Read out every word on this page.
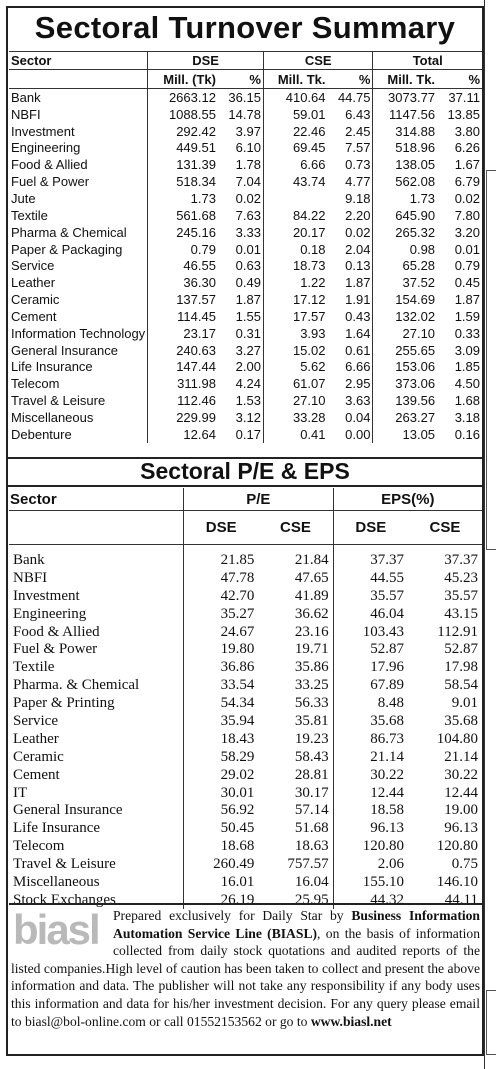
Sectoral Turnover Summary
Sector	DSE		CSE		Total	
	Mill. (Tk)	%	Mill. Tk.	%	Mill. Tk.	%
Bank	2663.12	36.15	410.64	44.75	3073.77	37.11
NBFI	1088.55	14.78	59.01	6.43	1147.56	13.85
Investment	292.42	3.97	22.46	2.45	314.88	3.80
Engineering	449.51	6.10	69.45	7.57	518.96	6.26
Food & Allied	131.39	1.78	6.66	0.73	138.05	1.67
Fuel & Power	518.34	7.04	43.74	4.77	562.08	6.79
Jute	1.73	0.02		9.18	1.73	0.02
Textile	561.68	7.63	84.22	2.20	645.90	7.80
Pharma & Chemical	245.16	3.33	20.17	0.02	265.32	3.20
Paper & Packaging	0.79	0.01	0.18	2.04	0.98	0.01
Service	46.55	0.63	18.73	0.13	65.28	0.79
Leather	36.30	0.49	1.22	1.87	37.52	0.45
Ceramic	137.57	1.87	17.12	1.91	154.69	1.87
Cement	114.45	1.55	17.57	0.43	132.02	1.59
Information Technology	23.17	0.31	3.93	1.64	27.10	0.33
General Insurance	240.63	3.27	15.02	0.61	255.65	3.09
Life Insurance	147.44	2.00	5.62	6.66	153.06	1.85
Telecom	311.98	4.24	61.07	2.95	373.06	4.50
Travel & Leisure	112.46	1.53	27.10	3.63	139.56	1.68
Miscellaneous	229.99	3.12	33.28	0.04	263.27	3.18
Debenture	12.64	0.17	0.41	0.00	13.05	0.16
Sectoral P/E & EPS
Sector	P/E		EPS(%)	
	DSE	CSE	DSE	CSE

Bank	21.85	21.84	37.37	37.37
NBFI	47.78	47.65	44.55	45.23
Investment	42.70	41.89	35.57	35.57
Engineering	35.27	36.62	46.04	43.15
Food & Allied	24.67	23.16	103.43	112.91
Fuel & Power	19.80	19.71	52.87	52.87
Textile	36.86	35.86	17.96	17.98
Pharma. & Chemical	33.54	33.25	67.89	58.54
Paper & Printing	54.34	56.33	8.48	9.01
Service	35.94	35.81	35.68	35.68
Leather	18.43	19.23	86.73	104.80
Ceramic	58.29	58.43	21.14	21.14
Cement	29.02	28.81	30.22	30.22
IT	30.01	30.17	12.44	12.44
General Insurance	56.92	57.14	18.58	19.00
Life Insurance	50.45	51.68	96.13	96.13
Telecom	18.68	18.63	120.80	120.80
Travel & Leisure	260.49	757.57	2.06	0.75
Miscellaneous	16.01	16.04	155.10	146.10
Stock Exchanges	26.19	25.95	44.32	44.11
biasl	Prepared exclusively for Daily Star by Business Information Automation Service Line (BIASL), on the basis of information collected from daily stock quotations and audited reports of the listed companies.High level of caution has been taken to collect and present the above information and data. The publisher will not take any responsibility if any body uses this information and data for his/her investment decision. For any query please email to biasl@bol-online.com or call 01552153562 or go to www.biasl.net
